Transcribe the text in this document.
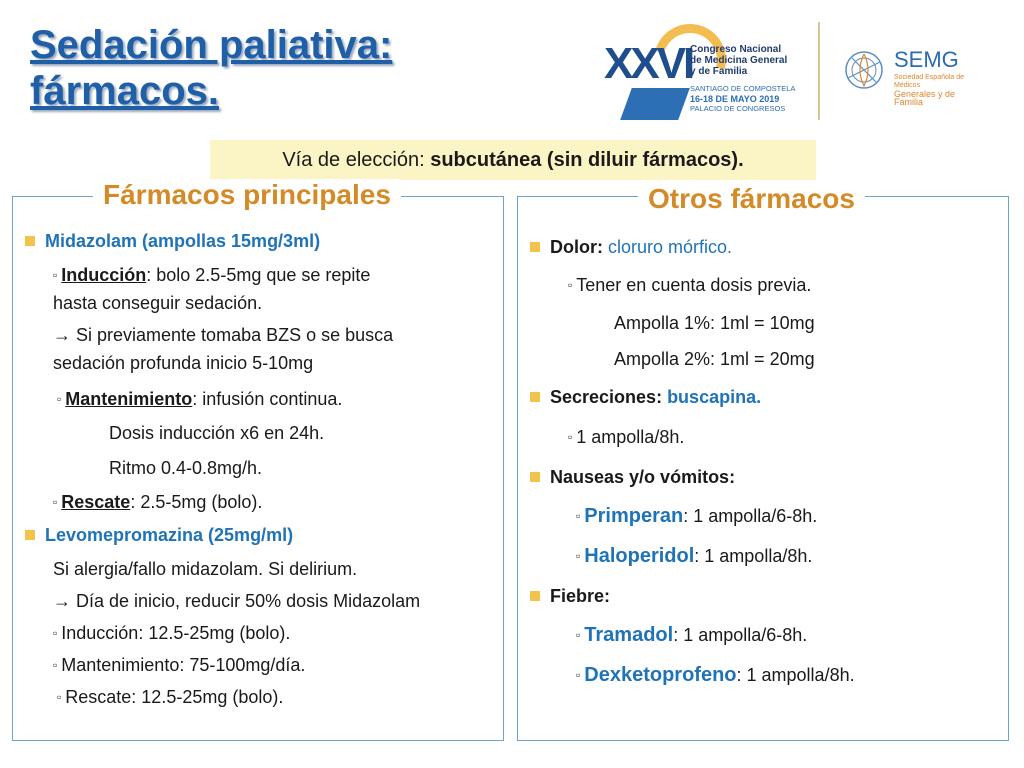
Sedación paliativa:
fármacos.
XXVI
Congreso Nacional
de Medicina General
y de Familia
SANTIAGO DE COMPOSTELA
16-18 DE MAYO 2019
PALACIO DE CONGRESOS
SEMG
Sociedad Española de Médicos
Generales y de Familia
Vía de elección: subcutánea (sin diluir fármacos).
Fármacos principales
Midazolam (ampollas 15mg/3ml)
▫ Inducción: bolo 2.5-5mg que se repite
hasta conseguir sedación.
→ Si previamente tomaba BZS o se busca
sedación profunda inicio 5-10mg
▫ Mantenimiento: infusión continua.
Dosis inducción x6 en 24h.
Ritmo 0.4-0.8mg/h.
▫ Rescate: 2.5-5mg (bolo).
Levomepromazina (25mg/ml)
Si alergia/fallo midazolam. Si delirium.
→ Día de inicio, reducir 50% dosis Midazolam
▫ Inducción: 12.5-25mg (bolo).
▫ Mantenimiento: 75-100mg/día.
▫ Rescate: 12.5-25mg (bolo).
Otros fármacos
Dolor: cloruro mórfico.
▫ Tener en cuenta dosis previa.
Ampolla 1%: 1ml = 10mg
Ampolla 2%: 1ml = 20mg
Secreciones: buscapina.
▫ 1 ampolla/8h.
Nauseas y/o vómitos:
▫ Primperan: 1 ampolla/6-8h.
▫ Haloperidol: 1 ampolla/8h.
Fiebre:
▫ Tramadol: 1 ampolla/6-8h.
▫ Dexketoprofeno: 1 ampolla/8h.
